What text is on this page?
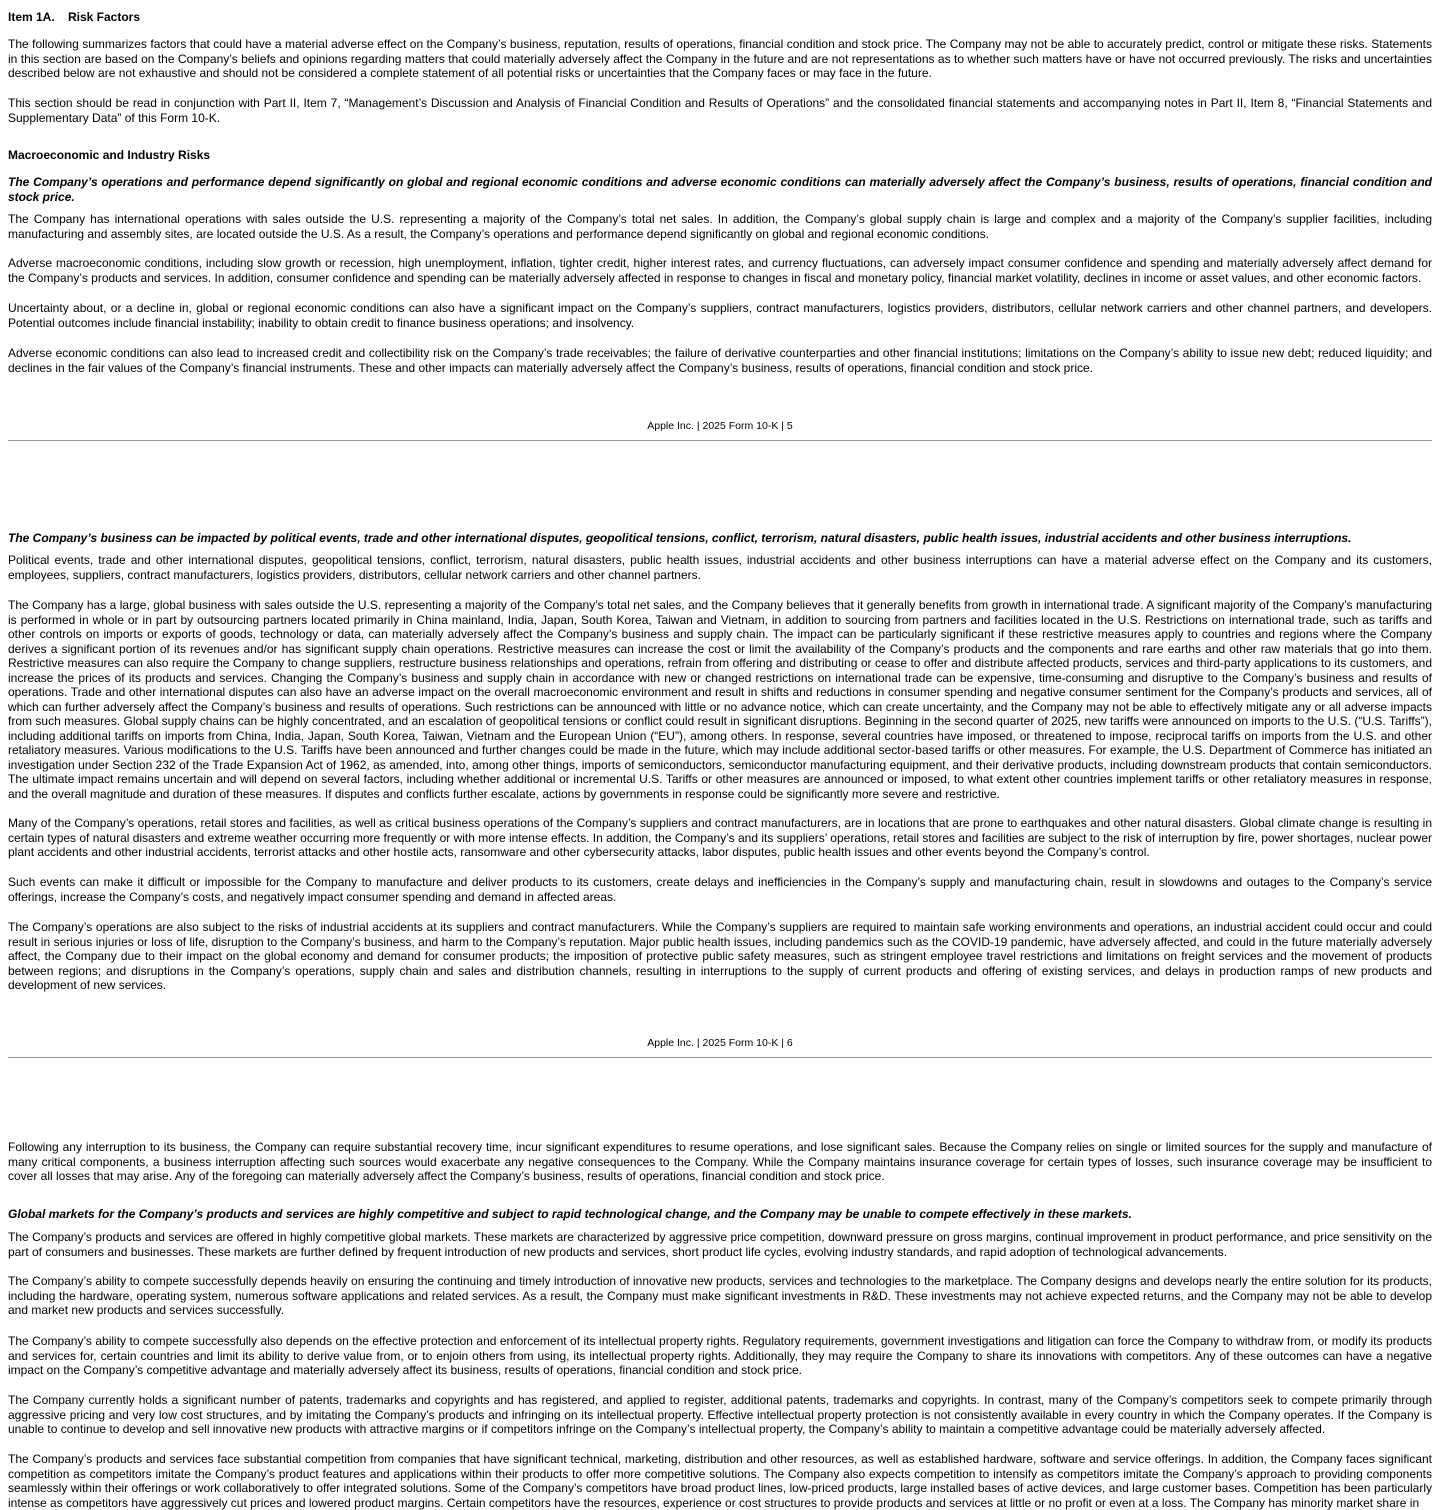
Item 1A. Risk Factors

The following summarizes factors that could have a material adverse effect on the Company’s business, reputation, results of operations, financial condition and stock price. The Company may not be able to accurately predict, control or mitigate these risks. Statements in this section are based on the Company’s beliefs and opinions regarding matters that could materially adversely affect the Company in the future and are not representations as to whether such matters have or have not occurred previously. The risks and uncertainties described below are not exhaustive and should not be considered a complete statement of all potential risks or uncertainties that the Company faces or may face in the future.

This section should be read in conjunction with Part II, Item 7, “Management’s Discussion and Analysis of Financial Condition and Results of Operations” and the consolidated financial statements and accompanying notes in Part II, Item 8, “Financial Statements and Supplementary Data” of this Form 10-K.

Macroeconomic and Industry Risks

The Company’s operations and performance depend significantly on global and regional economic conditions and adverse economic conditions can materially adversely affect the Company’s business, results of operations, financial condition and stock price.

The Company has international operations with sales outside the U.S. representing a majority of the Company’s total net sales. In addition, the Company’s global supply chain is large and complex and a majority of the Company’s supplier facilities, including manufacturing and assembly sites, are located outside the U.S. As a result, the Company’s operations and performance depend significantly on global and regional economic conditions.

Adverse macroeconomic conditions, including slow growth or recession, high unemployment, inflation, tighter credit, higher interest rates, and currency fluctuations, can adversely impact consumer confidence and spending and materially adversely affect demand for the Company’s products and services. In addition, consumer confidence and spending can be materially adversely affected in response to changes in fiscal and monetary policy, financial market volatility, declines in income or asset values, and other economic factors.

Uncertainty about, or a decline in, global or regional economic conditions can also have a significant impact on the Company’s suppliers, contract manufacturers, logistics providers, distributors, cellular network carriers and other channel partners, and developers. Potential outcomes include financial instability; inability to obtain credit to finance business operations; and insolvency.

Adverse economic conditions can also lead to increased credit and collectibility risk on the Company’s trade receivables; the failure of derivative counterparties and other financial institutions; limitations on the Company’s ability to issue new debt; reduced liquidity; and declines in the fair values of the Company’s financial instruments. These and other impacts can materially adversely affect the Company’s business, results of operations, financial condition and stock price.

Apple Inc. | 2025 Form 10-K | 5

The Company’s business can be impacted by political events, trade and other international disputes, geopolitical tensions, conflict, terrorism, natural disasters, public health issues, industrial accidents and other business interruptions.

Political events, trade and other international disputes, geopolitical tensions, conflict, terrorism, natural disasters, public health issues, industrial accidents and other business interruptions can have a material adverse effect on the Company and its customers, employees, suppliers, contract manufacturers, logistics providers, distributors, cellular network carriers and other channel partners.

The Company has a large, global business with sales outside the U.S. representing a majority of the Company’s total net sales, and the Company believes that it generally benefits from growth in international trade. A significant majority of the Company’s manufacturing is performed in whole or in part by outsourcing partners located primarily in China mainland, India, Japan, South Korea, Taiwan and Vietnam, in addition to sourcing from partners and facilities located in the U.S. Restrictions on international trade, such as tariffs and other controls on imports or exports of goods, technology or data, can materially adversely affect the Company’s business and supply chain. The impact can be particularly significant if these restrictive measures apply to countries and regions where the Company derives a significant portion of its revenues and/or has significant supply chain operations. Restrictive measures can increase the cost or limit the availability of the Company’s products and the components and rare earths and other raw materials that go into them. Restrictive measures can also require the Company to change suppliers, restructure business relationships and operations, refrain from offering and distributing or cease to offer and distribute affected products, services and third-party applications to its customers, and increase the prices of its products and services. Changing the Company’s business and supply chain in accordance with new or changed restrictions on international trade can be expensive, time-consuming and disruptive to the Company’s business and results of operations. Trade and other international disputes can also have an adverse impact on the overall macroeconomic environment and result in shifts and reductions in consumer spending and negative consumer sentiment for the Company’s products and services, all of which can further adversely affect the Company’s business and results of operations. Such restrictions can be announced with little or no advance notice, which can create uncertainty, and the Company may not be able to effectively mitigate any or all adverse impacts from such measures. Global supply chains can be highly concentrated, and an escalation of geopolitical tensions or conflict could result in significant disruptions. Beginning in the second quarter of 2025, new tariffs were announced on imports to the U.S. (“U.S. Tariffs”), including additional tariffs on imports from China, India, Japan, South Korea, Taiwan, Vietnam and the European Union (“EU”), among others. In response, several countries have imposed, or threatened to impose, reciprocal tariffs on imports from the U.S. and other retaliatory measures. Various modifications to the U.S. Tariffs have been announced and further changes could be made in the future, which may include additional sector-based tariffs or other measures. For example, the U.S. Department of Commerce has initiated an investigation under Section 232 of the Trade Expansion Act of 1962, as amended, into, among other things, imports of semiconductors, semiconductor manufacturing equipment, and their derivative products, including downstream products that contain semiconductors. The ultimate impact remains uncertain and will depend on several factors, including whether additional or incremental U.S. Tariffs or other measures are announced or imposed, to what extent other countries implement tariffs or other retaliatory measures in response, and the overall magnitude and duration of these measures. If disputes and conflicts further escalate, actions by governments in response could be significantly more severe and restrictive.

Many of the Company’s operations, retail stores and facilities, as well as critical business operations of the Company’s suppliers and contract manufacturers, are in locations that are prone to earthquakes and other natural disasters. Global climate change is resulting in certain types of natural disasters and extreme weather occurring more frequently or with more intense effects. In addition, the Company’s and its suppliers’ operations, retail stores and facilities are subject to the risk of interruption by fire, power shortages, nuclear power plant accidents and other industrial accidents, terrorist attacks and other hostile acts, ransomware and other cybersecurity attacks, labor disputes, public health issues and other events beyond the Company’s control.

Such events can make it difficult or impossible for the Company to manufacture and deliver products to its customers, create delays and inefficiencies in the Company’s supply and manufacturing chain, result in slowdowns and outages to the Company’s service offerings, increase the Company’s costs, and negatively impact consumer spending and demand in affected areas.

The Company’s operations are also subject to the risks of industrial accidents at its suppliers and contract manufacturers. While the Company’s suppliers are required to maintain safe working environments and operations, an industrial accident could occur and could result in serious injuries or loss of life, disruption to the Company’s business, and harm to the Company’s reputation. Major public health issues, including pandemics such as the COVID-19 pandemic, have adversely affected, and could in the future materially adversely affect, the Company due to their impact on the global economy and demand for consumer products; the imposition of protective public safety measures, such as stringent employee travel restrictions and limitations on freight services and the movement of products between regions; and disruptions in the Company’s operations, supply chain and sales and distribution channels, resulting in interruptions to the supply of current products and offering of existing services, and delays in production ramps of new products and development of new services.

Apple Inc. | 2025 Form 10-K | 6

Following any interruption to its business, the Company can require substantial recovery time, incur significant expenditures to resume operations, and lose significant sales. Because the Company relies on single or limited sources for the supply and manufacture of many critical components, a business interruption affecting such sources would exacerbate any negative consequences to the Company. While the Company maintains insurance coverage for certain types of losses, such insurance coverage may be insufficient to cover all losses that may arise. Any of the foregoing can materially adversely affect the Company’s business, results of operations, financial condition and stock price.

Global markets for the Company’s products and services are highly competitive and subject to rapid technological change, and the Company may be unable to compete effectively in these markets.

The Company’s products and services are offered in highly competitive global markets. These markets are characterized by aggressive price competition, downward pressure on gross margins, continual improvement in product performance, and price sensitivity on the part of consumers and businesses. These markets are further defined by frequent introduction of new products and services, short product life cycles, evolving industry standards, and rapid adoption of technological advancements.

The Company’s ability to compete successfully depends heavily on ensuring the continuing and timely introduction of innovative new products, services and technologies to the marketplace. The Company designs and develops nearly the entire solution for its products, including the hardware, operating system, numerous software applications and related services. As a result, the Company must make significant investments in R&D. These investments may not achieve expected returns, and the Company may not be able to develop and market new products and services successfully.

The Company’s ability to compete successfully also depends on the effective protection and enforcement of its intellectual property rights. Regulatory requirements, government investigations and litigation can force the Company to withdraw from, or modify its products and services for, certain countries and limit its ability to derive value from, or to enjoin others from using, its intellectual property rights. Additionally, they may require the Company to share its innovations with competitors. Any of these outcomes can have a negative impact on the Company’s competitive advantage and materially adversely affect its business, results of operations, financial condition and stock price.

The Company currently holds a significant number of patents, trademarks and copyrights and has registered, and applied to register, additional patents, trademarks and copyrights. In contrast, many of the Company’s competitors seek to compete primarily through aggressive pricing and very low cost structures, and by imitating the Company’s products and infringing on its intellectual property. Effective intellectual property protection is not consistently available in every country in which the Company operates. If the Company is unable to continue to develop and sell innovative new products with attractive margins or if competitors infringe on the Company’s intellectual property, the Company’s ability to maintain a competitive advantage could be materially adversely affected.

The Company’s products and services face substantial competition from companies that have significant technical, marketing, distribution and other resources, as well as established hardware, software and service offerings. In addition, the Company faces significant competition as competitors imitate the Company’s product features and applications within their products to offer more competitive solutions. The Company also expects competition to intensify as competitors imitate the Company’s approach to providing components seamlessly within their offerings or work collaboratively to offer integrated solutions. Some of the Company’s competitors have broad product lines, low-priced products, large installed bases of active devices, and large customer bases. Competition has been particularly intense as competitors have aggressively cut prices and lowered product margins. Certain competitors have the resources, experience or cost structures to provide products and services at little or no profit or even at a loss. The Company has minority market share in
